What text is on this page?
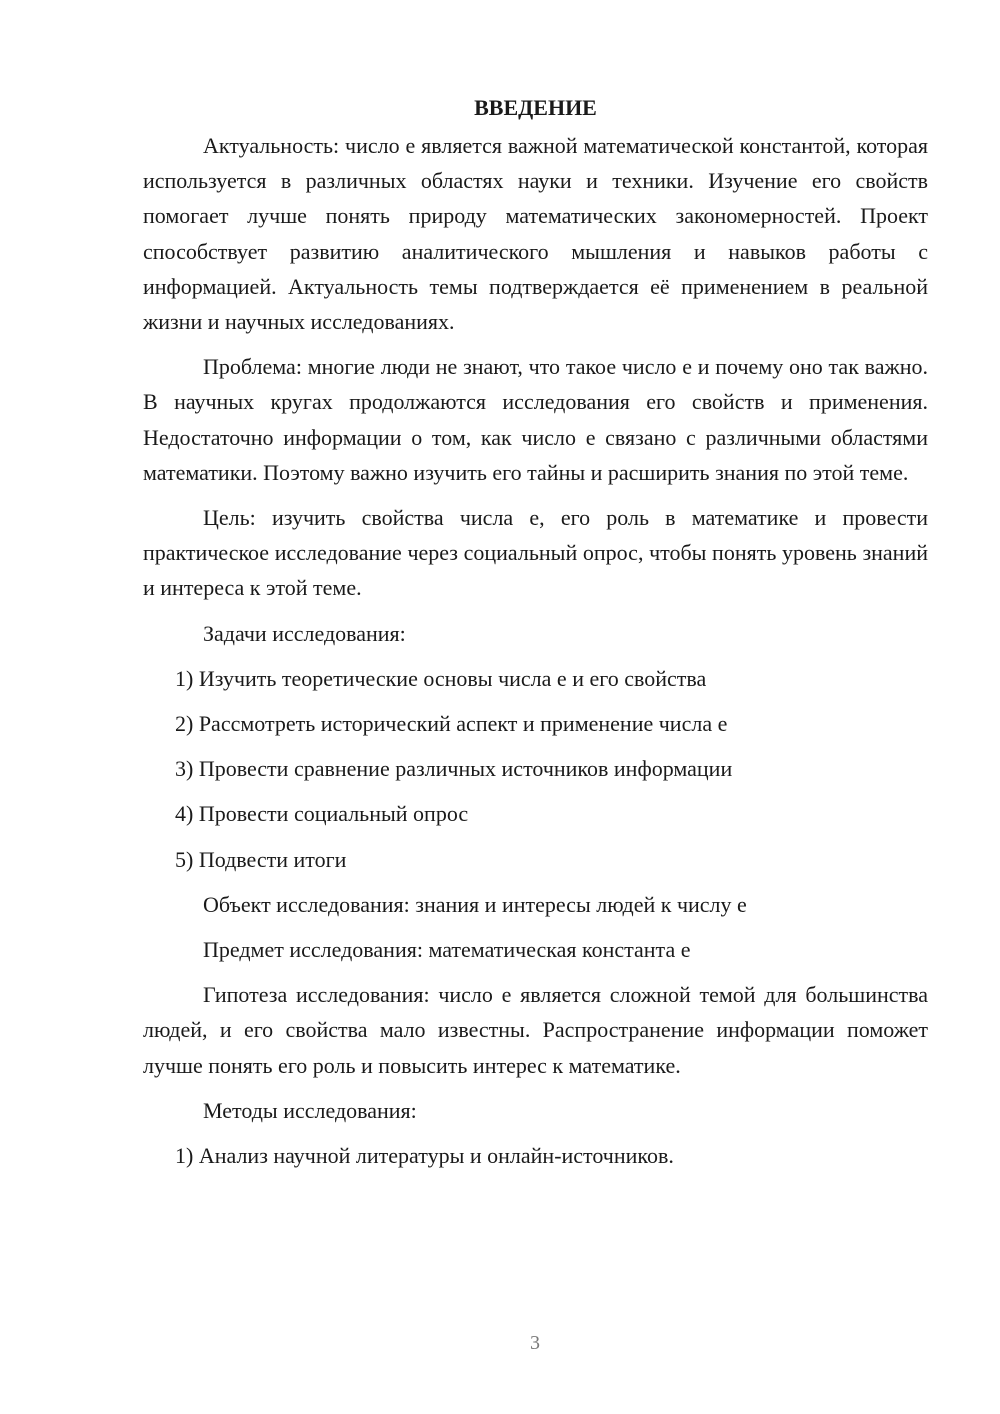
ВВЕДЕНИЕ

Актуальность: число е является важной математической константой, которая используется в различных областях науки и техники. Изучение его свойств помогает лучше понять природу математических закономерностей. Проект способствует развитию аналитического мышления и навыков работы с информацией. Актуальность темы подтверждается её применением в реальной жизни и научных исследованиях.

Проблема: многие люди не знают, что такое число е и почему оно так важно. В научных кругах продолжаются исследования его свойств и применения. Недостаточно информации о том, как число е связано с различными областями математики. Поэтому важно изучить его тайны и расширить знания по этой теме.

Цель: изучить свойства числа е, его роль в математике и провести практическое исследование через социальный опрос, чтобы понять уровень знаний и интереса к этой теме.

Задачи исследования:

1) Изучить теоретические основы числа е и его свойства

2) Рассмотреть исторический аспект и применение числа е

3) Провести сравнение различных источников информации

4) Провести социальный опрос

5) Подвести итоги

Объект исследования: знания и интересы людей к числу е

Предмет исследования: математическая константа е

Гипотеза исследования: число е является сложной темой для большинства людей, и его свойства мало известны. Распространение информации поможет лучше понять его роль и повысить интерес к математике.

Методы исследования:

1) Анализ научной литературы и онлайн-источников.

3
